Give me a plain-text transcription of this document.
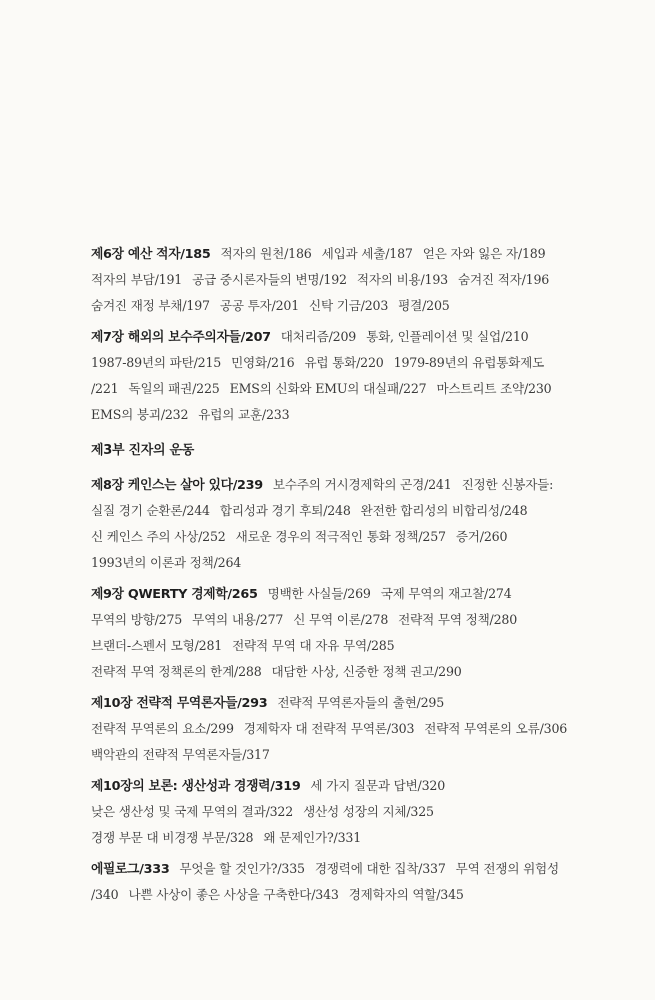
제6장 예산 적자/185 적자의 원천/186 세입과 세출/187 얻은 자와 잃은 자/189
적자의 부담/191 공급 중시론자들의 변명/192 적자의 비용/193 숨겨진 적자/196
숨겨진 재정 부채/197 공공 투자/201 신탁 기금/203 평결/205
제7장 해외의 보수주의자들/207 대처리즘/209 통화, 인플레이션 및 실업/210
1987-89년의 파탄/215 민영화/216 유럽 통화/220 1979-89년의 유럽통화제도
/221 독일의 패권/225 EMS의 신화와 EMU의 대실패/227 마스트리트 조약/230
EMS의 붕괴/232 유럽의 교훈/233
제3부 진자의 운동
제8장 케인스는 살아 있다/239 보수주의 거시경제학의 곤경/241 진정한 신봉자들:
실질 경기 순환론/244 합리성과 경기 후퇴/248 완전한 합리성의 비합리성/248
신 케인스 주의 사상/252 새로운 경우의 적극적인 통화 정책/257 증거/260
1993년의 이론과 정책/264
제9장 QWERTY 경제학/265 명백한 사실들/269 국제 무역의 재고찰/274
무역의 방향/275 무역의 내용/277 신 무역 이론/278 전략적 무역 정책/280
브랜더-스펜서 모형/281 전략적 무역 대 자유 무역/285
전략적 무역 정책론의 한계/288 대담한 사상, 신중한 정책 권고/290
제10장 전략적 무역론자들/293 전략적 무역론자들의 출현/295
전략적 무역론의 요소/299 경제학자 대 전략적 무역론/303 전략적 무역론의 오류/306
백악관의 전략적 무역론자들/317
제10장의 보론: 생산성과 경쟁력/319 세 가지 질문과 답변/320
낮은 생산성 및 국제 무역의 결과/322 생산성 성장의 지체/325
경쟁 부문 대 비경쟁 부문/328 왜 문제인가?/331
에필로그/333 무엇을 할 것인가?/335 경쟁력에 대한 집착/337 무역 전쟁의 위험성
/340 나쁜 사상이 좋은 사상을 구축한다/343 경제학자의 역할/345
